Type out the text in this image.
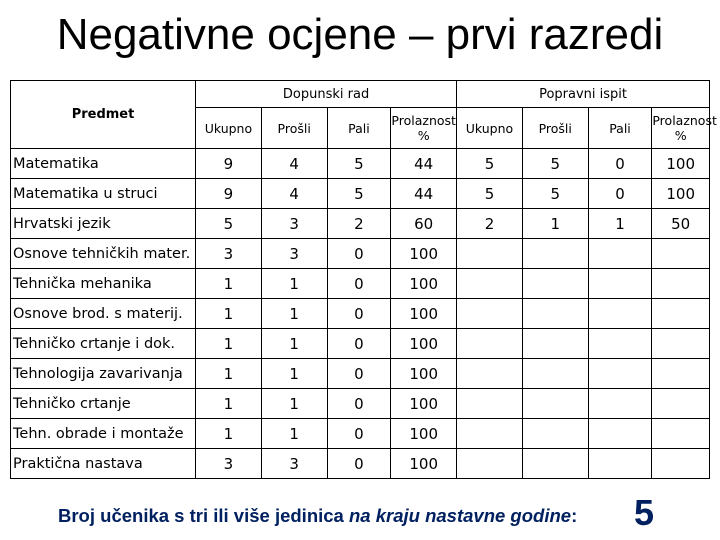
Negativne ocjene – prvi razredi
Predmet	Dopunski rad				Popravni ispit			
	Ukupno	Prošli	Pali	Prolaznost %	Ukupno	Prošli	Pali	Prolaznost %
Matematika	9	4	5	44	5	5	0	100
Matematika u struci	9	4	5	44	5	5	0	100
Hrvatski jezik	5	3	2	60	2	1	1	50
Osnove tehničkih mater.	3	3	0	100				
Tehnička mehanika	1	1	0	100				
Osnove brod. s materij.	1	1	0	100				
Tehničko crtanje i dok.	1	1	0	100				
Tehnologija zavarivanja	1	1	0	100				
Tehničko crtanje	1	1	0	100				
Tehn. obrade i montaže	1	1	0	100				
Praktična nastava	3	3	0	100				
Broj učenika s tri ili više jedinica na kraju nastavne godine: 5
